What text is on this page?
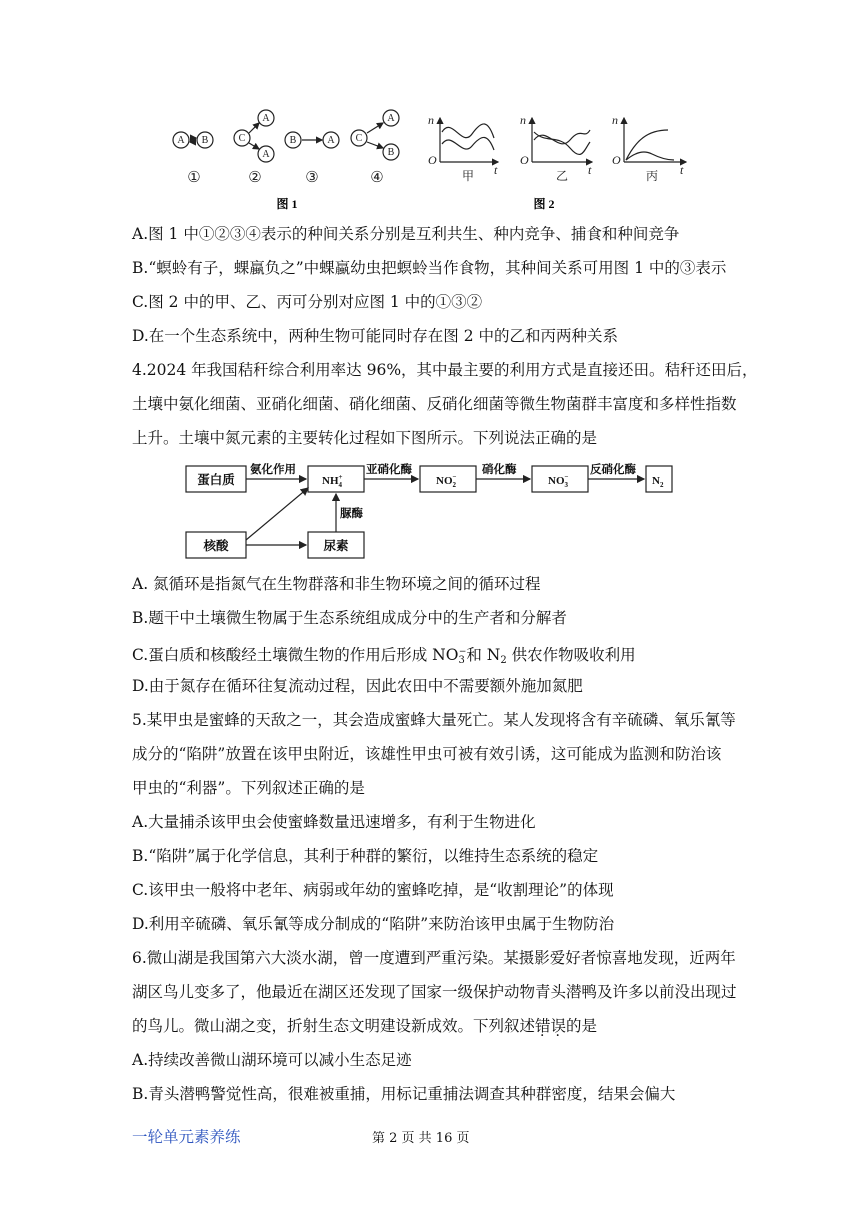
A B	C
A
A
B	A C
A
B
①	②	③	④
图 1
n	n	n
t	t	t
O	O	O
甲	乙	丙
图 2
A.图 1 中①②③④表示的种间关系分别是互利共生、种内竞争、捕食和种间竞争
B.“螟蛉有子，蜾蠃负之”中蜾蠃幼虫把螟蛉当作食物，其种间关系可用图 1 中的③表示
C.图 2 中的甲、乙、丙可分别对应图 1 中的①③②
D.在一个生态系统中，两种生物可能同时存在图 2 中的乙和丙两种关系
4.2024 年我国秸秆综合利用率达 96%，其中最主要的利用方式是直接还田。秸秆还田后，
土壤中氨化细菌、亚硝化细菌、硝化细菌、反硝化细菌等微生物菌群丰富度和多样性指数
上升。土壤中氮元素的主要转化过程如下图所示。下列说法正确的是
蛋白质
核酸	尿素
氨化作用	亚硝化酶	硝化酶	反硝化酶
脲酶
NH+ 4	NO− 2	NO− 3	$N_2$
A. 氮循环是指氮气在生物群落和非生物环境之间的循环过程
B.题干中土壤微生物属于生态系统组成成分中的生产者和分解者
C.蛋白质和核酸经土壤微生物的作用后形成 $NO_3^-$和 $N_2$ 供农作物吸收利用
D.由于氮存在循环往复流动过程，因此农田中不需要额外施加氮肥
5.某甲虫是蜜蜂的天敌之一，其会造成蜜蜂大量死亡。某人发现将含有辛硫磷、氧乐氰等
成分的“陷阱”放置在该甲虫附近，该雄性甲虫可被有效引诱，这可能成为监测和防治该
甲虫的“利器”。下列叙述正确的是
A.大量捕杀该甲虫会使蜜蜂数量迅速增多，有利于生物进化
B.“陷阱”属于化学信息，其利于种群的繁衍，以维持生态系统的稳定
C.该甲虫一般将中老年、病弱或年幼的蜜蜂吃掉，是“收割理论”的体现
D.利用辛硫磷、氧乐氰等成分制成的“陷阱”来防治该甲虫属于生物防治
6.微山湖是我国第六大淡水湖，曾一度遭到严重污染。某摄影爱好者惊喜地发现，近两年
湖区鸟儿变多了，他最近在湖区还发现了国家一级保护动物青头潜鸭及许多以前没出现过
的鸟儿。微山湖之变，折射生态文明建设新成效。下列叙述错误的是
A.持续改善微山湖环境可以减小生态足迹
B.青头潜鸭警觉性高，很难被重捕，用标记重捕法调查其种群密度，结果会偏大
一轮单元素养练	第 2 页 共 16 页
